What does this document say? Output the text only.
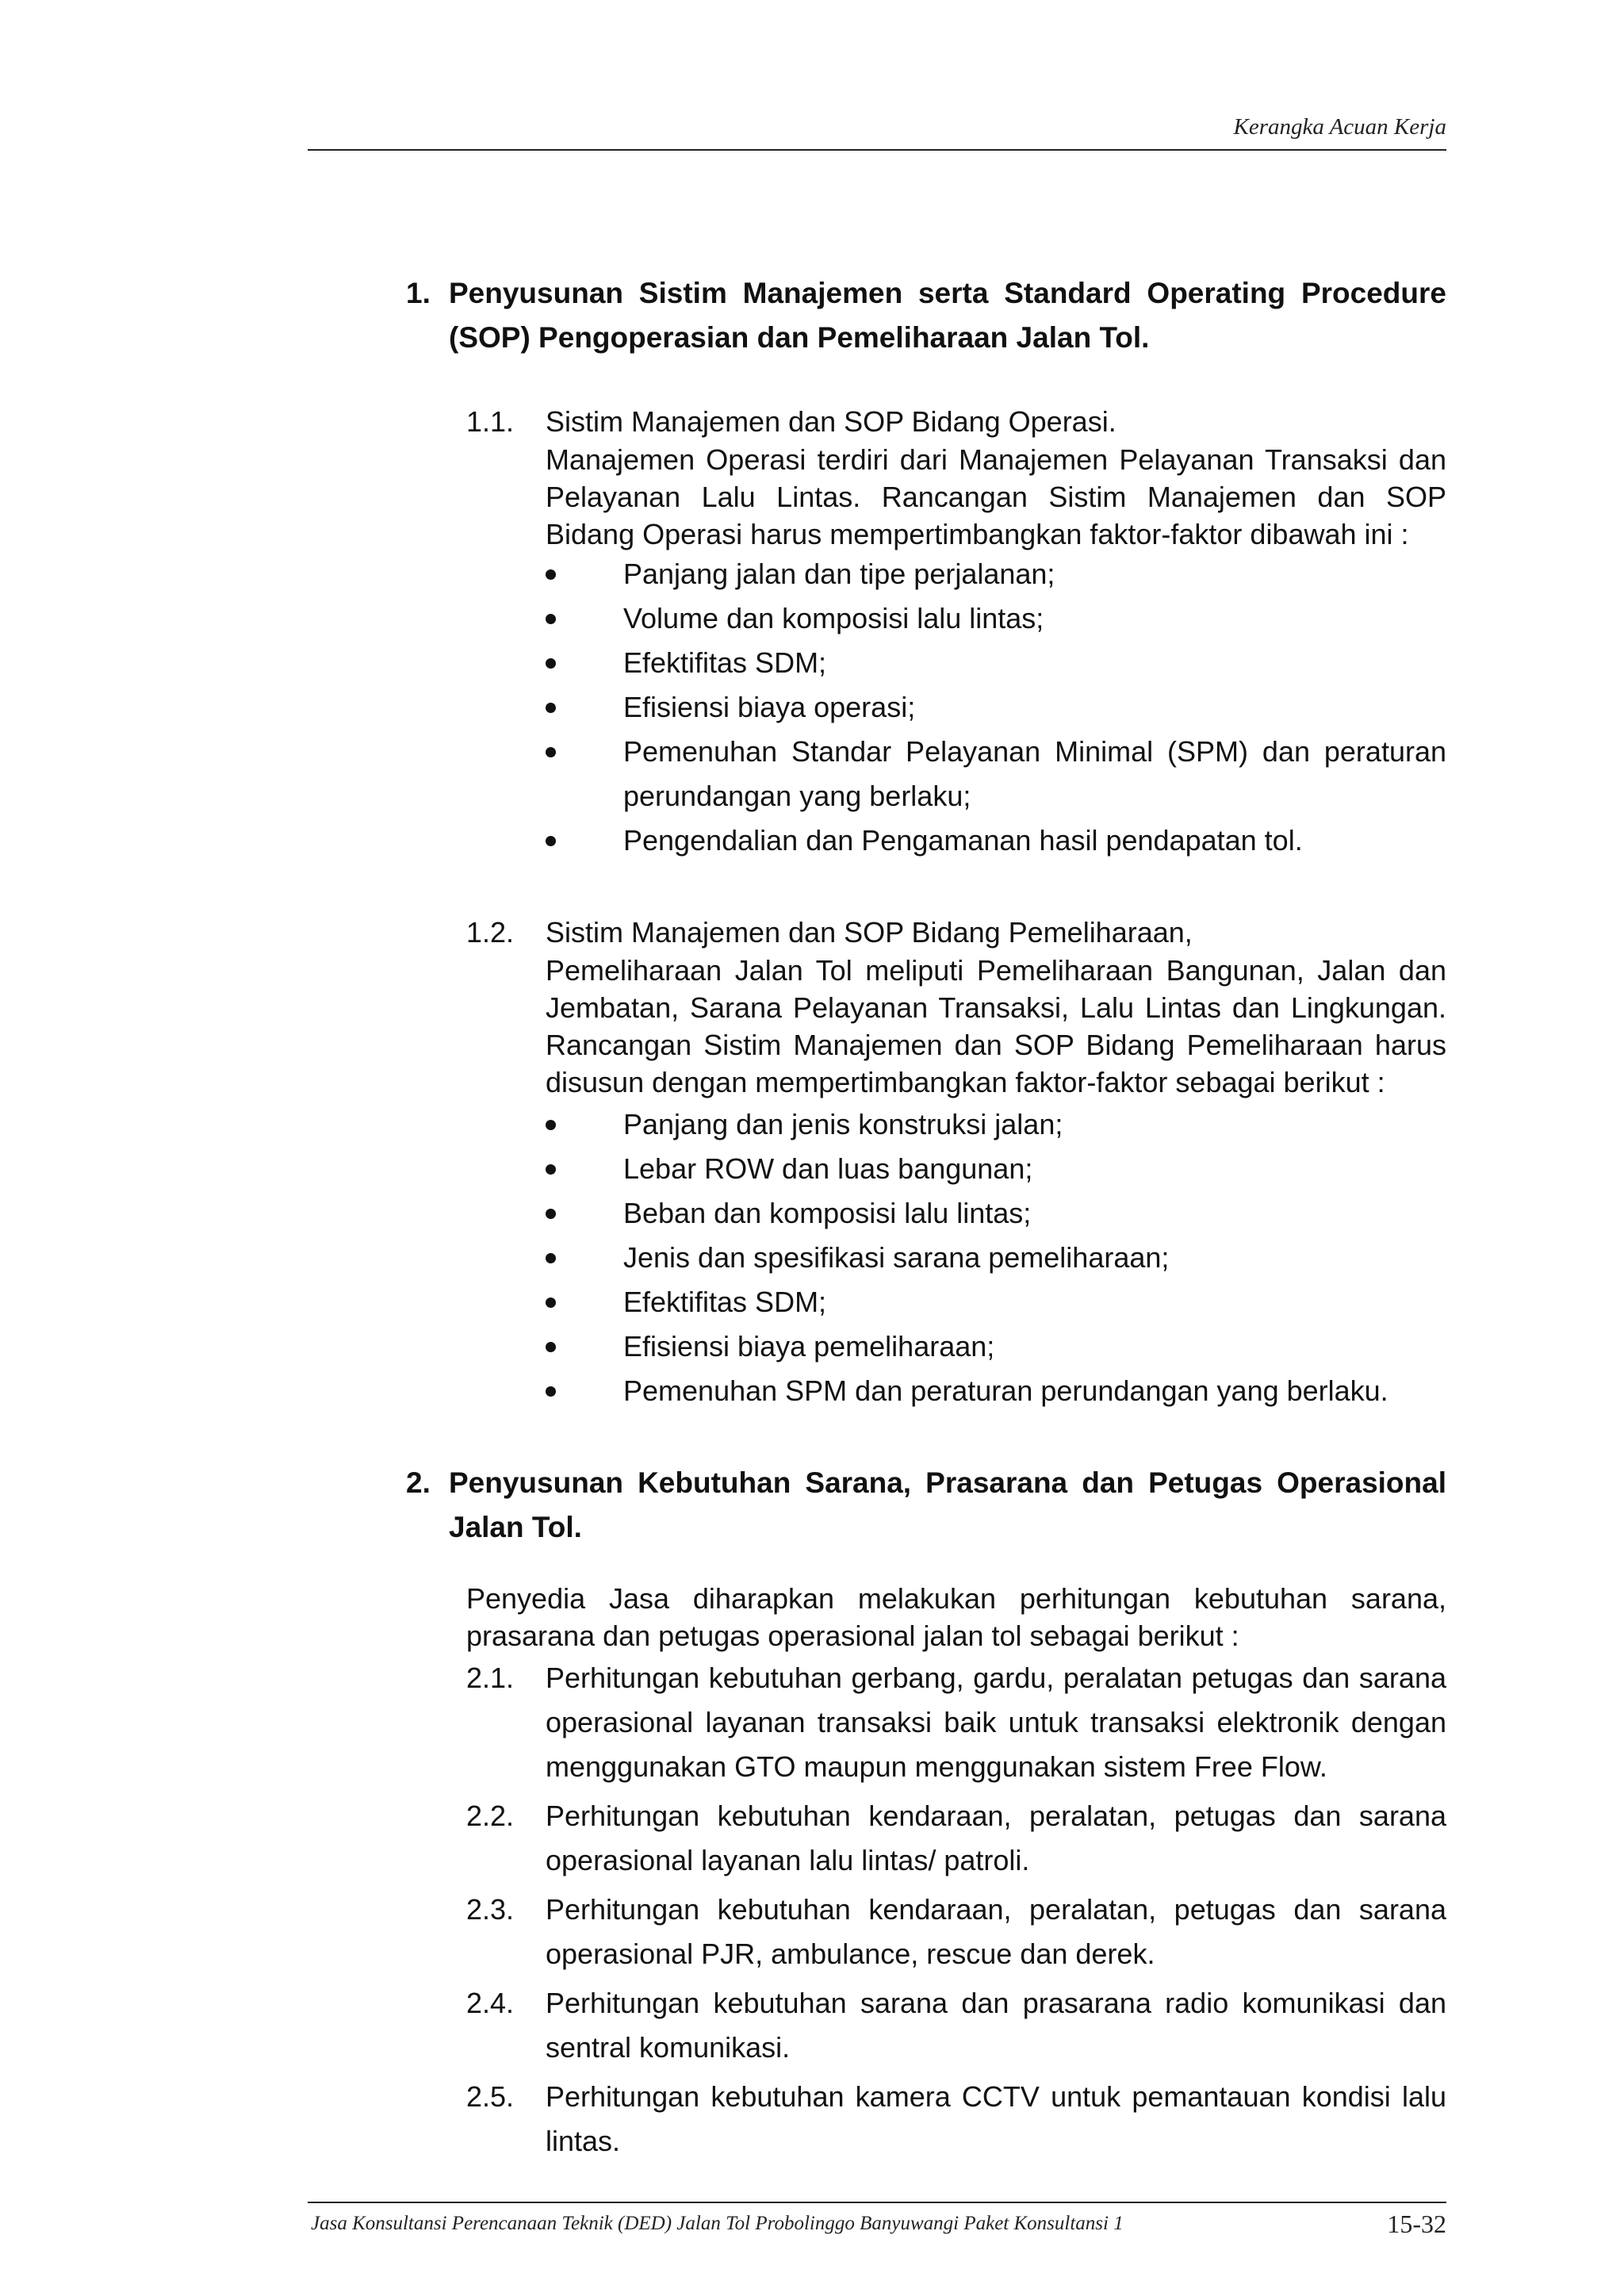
Kerangka Acuan Kerja
1. Penyusunan Sistim Manajemen serta Standard Operating Procedure (SOP) Pengoperasian dan Pemeliharaan Jalan Tol.
1.1. Sistim Manajemen dan SOP Bidang Operasi.
Manajemen Operasi terdiri dari Manajemen Pelayanan Transaksi dan Pelayanan Lalu Lintas. Rancangan Sistim Manajemen dan SOP Bidang Operasi harus mempertimbangkan faktor-faktor dibawah ini :
Panjang jalan dan tipe perjalanan;
Volume dan komposisi lalu lintas;
Efektifitas SDM;
Efisiensi biaya operasi;
Pemenuhan Standar Pelayanan Minimal (SPM) dan peraturan perundangan yang berlaku;
Pengendalian dan Pengamanan hasil pendapatan tol.
1.2. Sistim Manajemen dan SOP Bidang Pemeliharaan,
Pemeliharaan Jalan Tol meliputi Pemeliharaan Bangunan, Jalan dan Jembatan, Sarana Pelayanan Transaksi, Lalu Lintas dan Lingkungan. Rancangan Sistim Manajemen dan SOP Bidang Pemeliharaan harus disusun dengan mempertimbangkan faktor-faktor sebagai berikut :
Panjang dan jenis konstruksi jalan;
Lebar ROW dan luas bangunan;
Beban dan komposisi lalu lintas;
Jenis dan spesifikasi sarana pemeliharaan;
Efektifitas SDM;
Efisiensi biaya pemeliharaan;
Pemenuhan SPM dan peraturan perundangan yang berlaku.
2. Penyusunan Kebutuhan Sarana, Prasarana dan Petugas Operasional Jalan Tol.
Penyedia Jasa diharapkan melakukan perhitungan kebutuhan sarana, prasarana dan petugas operasional jalan tol sebagai berikut :
2.1. Perhitungan kebutuhan gerbang, gardu, peralatan petugas dan sarana operasional layanan transaksi baik untuk transaksi elektronik dengan menggunakan GTO maupun menggunakan sistem Free Flow.
2.2. Perhitungan kebutuhan kendaraan, peralatan, petugas dan sarana operasional layanan lalu lintas/ patroli.
2.3. Perhitungan kebutuhan kendaraan, peralatan, petugas dan sarana operasional PJR, ambulance, rescue dan derek.
2.4. Perhitungan kebutuhan sarana dan prasarana radio komunikasi dan sentral komunikasi.
2.5. Perhitungan kebutuhan kamera CCTV untuk pemantauan kondisi lalu lintas.
Jasa Konsultansi Perencanaan Teknik (DED) Jalan Tol Probolinggo Banyuwangi Paket Konsultansi 1	15-32
